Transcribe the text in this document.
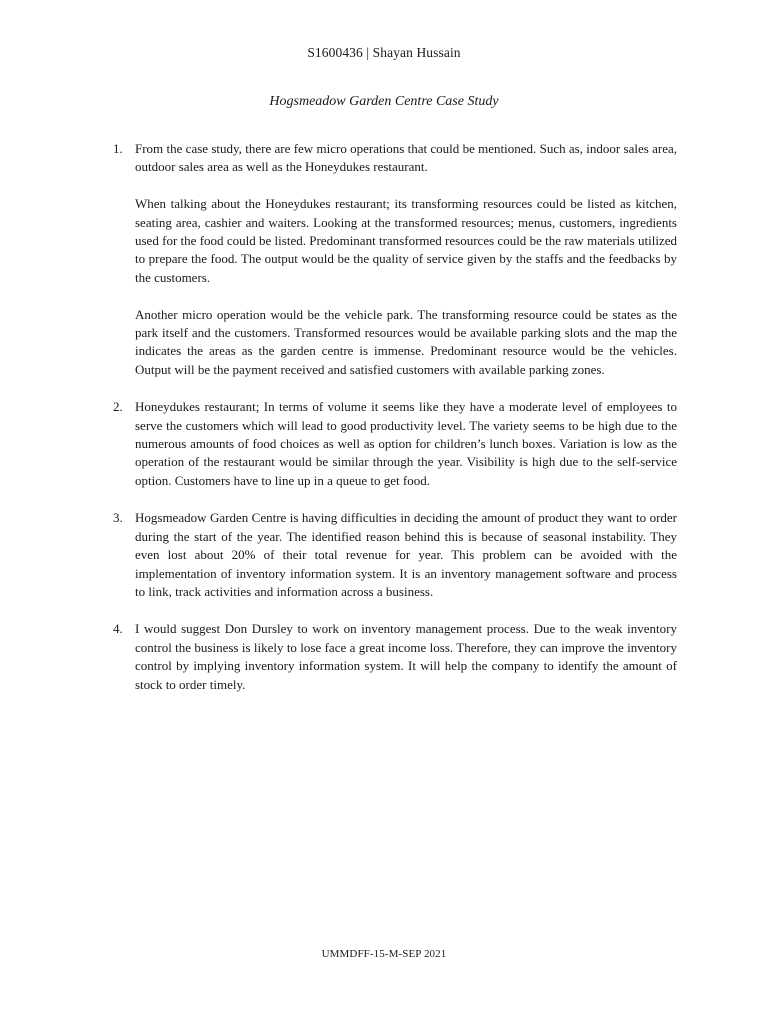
S1600436 | Shayan Hussain
Hogsmeadow Garden Centre Case Study
1. From the case study, there are few micro operations that could be mentioned. Such as, indoor sales area, outdoor sales area as well as the Honeydukes restaurant.

When talking about the Honeydukes restaurant; its transforming resources could be listed as kitchen, seating area, cashier and waiters. Looking at the transformed resources; menus, customers, ingredients used for the food could be listed. Predominant transformed resources could be the raw materials utilized to prepare the food. The output would be the quality of service given by the staffs and the feedbacks by the customers.

Another micro operation would be the vehicle park. The transforming resource could be states as the park itself and the customers. Transformed resources would be available parking slots and the map the indicates the areas as the garden centre is immense. Predominant resource would be the vehicles. Output will be the payment received and satisfied customers with available parking zones.

2. Honeydukes restaurant; In terms of volume it seems like they have a moderate level of employees to serve the customers which will lead to good productivity level. The variety seems to be high due to the numerous amounts of food choices as well as option for children’s lunch boxes. Variation is low as the operation of the restaurant would be similar through the year. Visibility is high due to the self-service option. Customers have to line up in a queue to get food.

3. Hogsmeadow Garden Centre is having difficulties in deciding the amount of product they want to order during the start of the year. The identified reason behind this is because of seasonal instability. They even lost about 20% of their total revenue for year. This problem can be avoided with the implementation of inventory information system. It is an inventory management software and process to link, track activities and information across a business.

4. I would suggest Don Dursley to work on inventory management process. Due to the weak inventory control the business is likely to lose face a great income loss. Therefore, they can improve the inventory control by implying inventory information system. It will help the company to identify the amount of stock to order timely.

UMMDFF-15-M-SEP 2021
